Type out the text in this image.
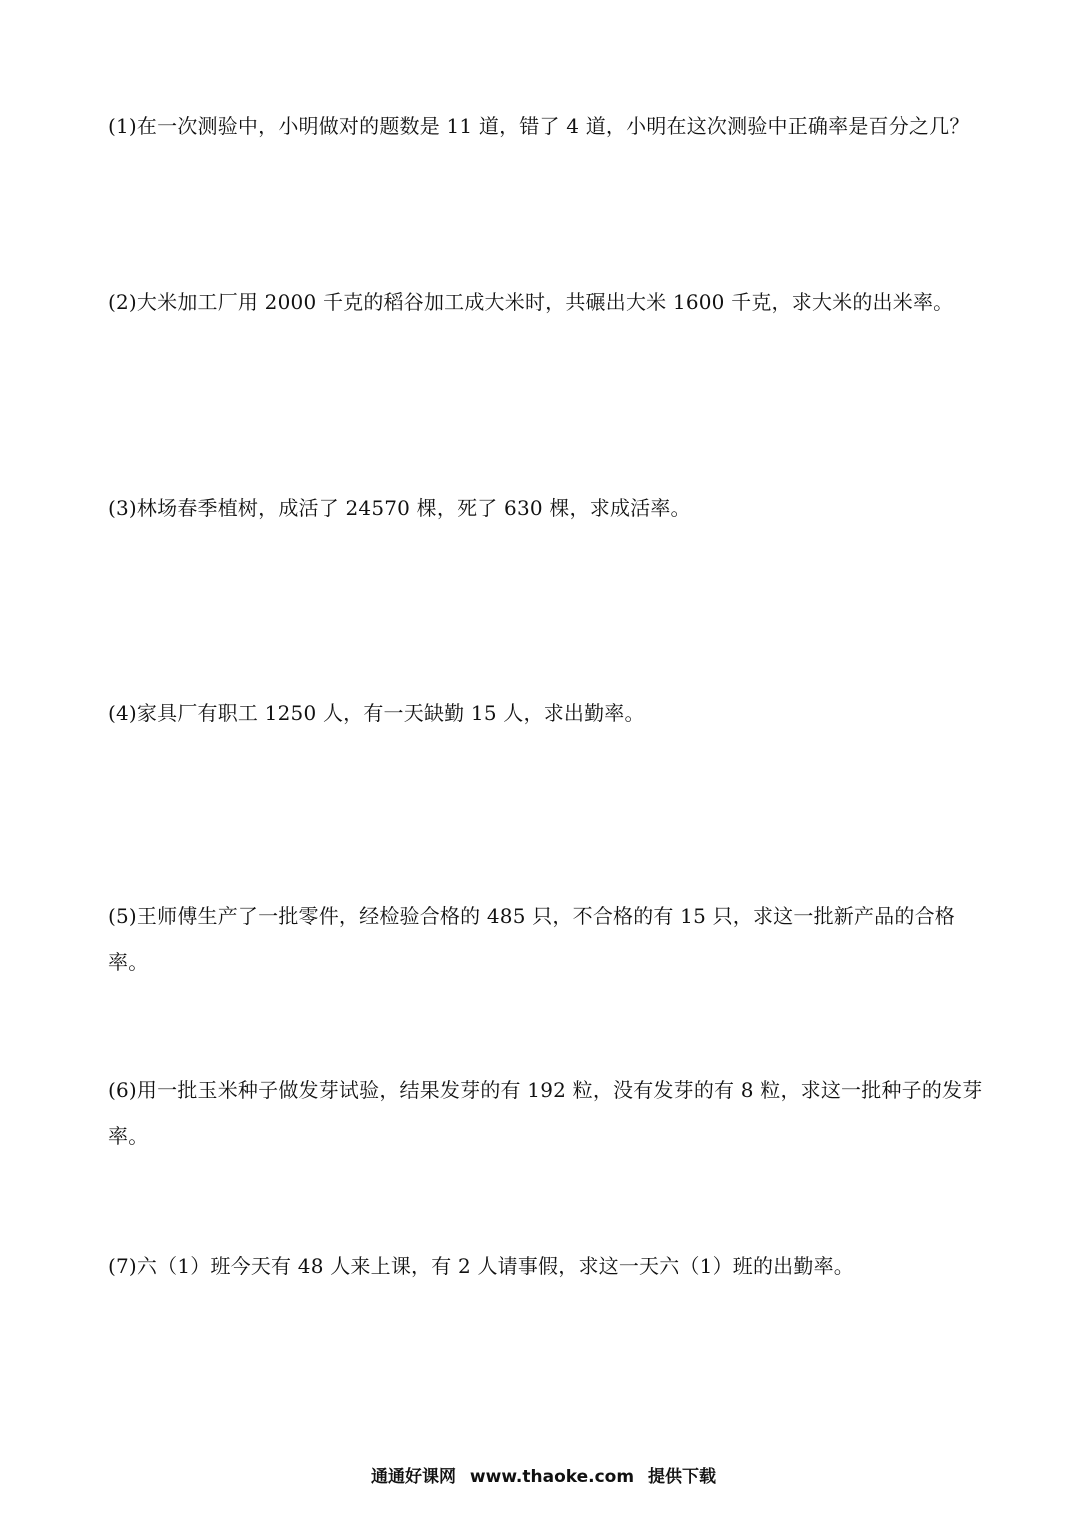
(1)在一次测验中，小明做对的题数是 11 道，错了 4 道，小明在这次测验中正确率是百分之几？

(2)大米加工厂用 2000 千克的稻谷加工成大米时，共碾出大米 1600 千克，求大米的出米率。

(3)林场春季植树，成活了 24570 棵，死了 630 棵，求成活率。

(4)家具厂有职工 1250 人，有一天缺勤 15 人，求出勤率。

(5)王师傅生产了一批零件，经检验合格的 485 只，不合格的有 15 只，求这一批新产品的合格率。

(6)用一批玉米种子做发芽试验，结果发芽的有 192 粒，没有发芽的有 8 粒，求这一批种子的发芽率。

(7)六（1）班今天有 48 人来上课，有 2 人请事假，求这一天六（1）班的出勤率。

通通好课网 www.thaoke.com 提供下载
